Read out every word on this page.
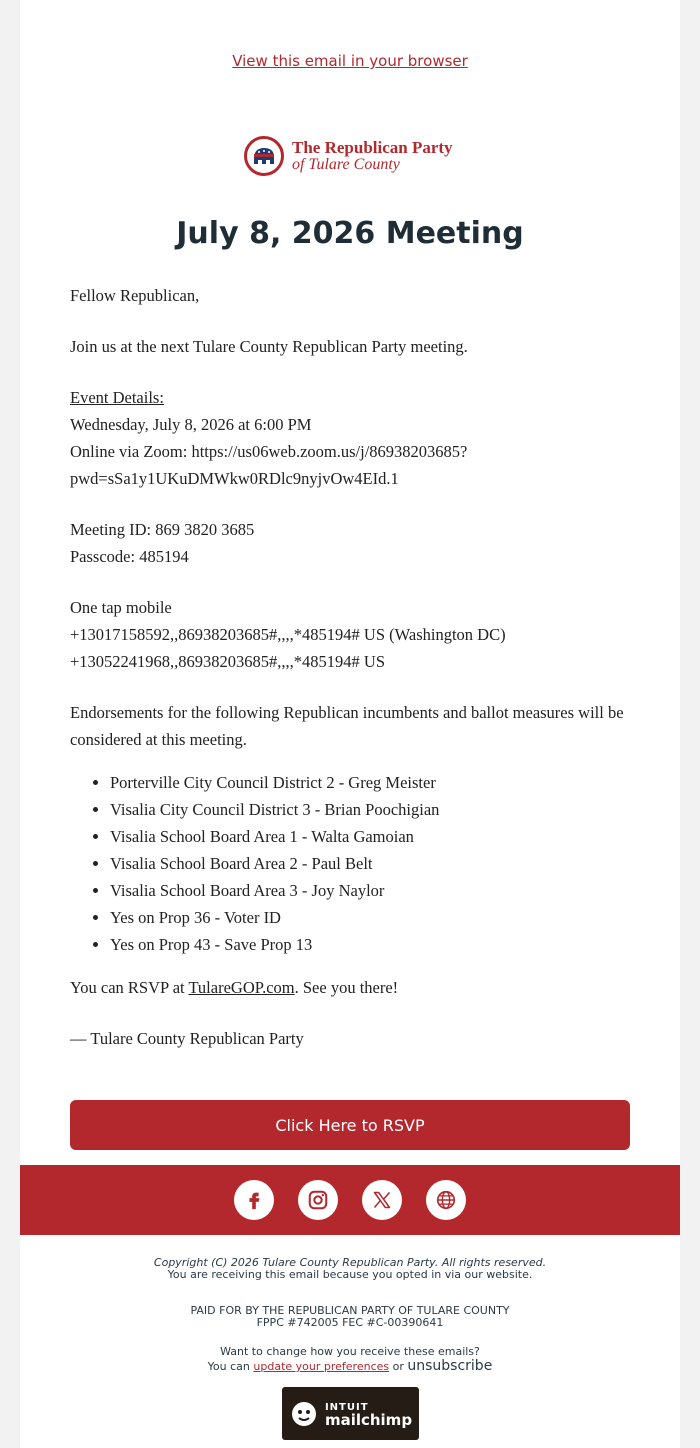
View this email in your browser
The Republican Party
of Tulare County
July 8, 2026 Meeting

Fellow Republican,

Join us at the next Tulare County Republican Party meeting.

Event Details:
Wednesday, July 8, 2026 at 6:00 PM
Online via Zoom: https://us06web.zoom.us/j/86938203685?
pwd=sSa1y1UKuDMWkw0RDlc9nyjvOw4EId.1

Meeting ID: 869 3820 3685
Passcode: 485194

One tap mobile
+13017158592,,86938203685#,,,,*485194# US (Washington DC)
+13052241968,,86938203685#,,,,*485194# US

Endorsements for the following Republican incumbents and ballot measures will be considered at this meeting.

• Porterville City Council District 2 - Greg Meister
• Visalia City Council District 3 - Brian Poochigian
• Visalia School Board Area 1 - Walta Gamoian
• Visalia School Board Area 2 - Paul Belt
• Visalia School Board Area 3 - Joy Naylor
• Yes on Prop 36 - Voter ID
• Yes on Prop 43 - Save Prop 13

You can RSVP at TulareGOP.com. See you there!

— Tulare County Republican Party

Click Here to RSVP
Copyright (C) 2026 Tulare County Republican Party. All rights reserved.
You are receiving this email because you opted in via our website.
PAID FOR BY THE REPUBLICAN PARTY OF TULARE COUNTY
FPPC #742005 FEC #C-00390641
Want to change how you receive these emails?
You can update your preferences or unsubscribe
INTUIT
mailchimp
